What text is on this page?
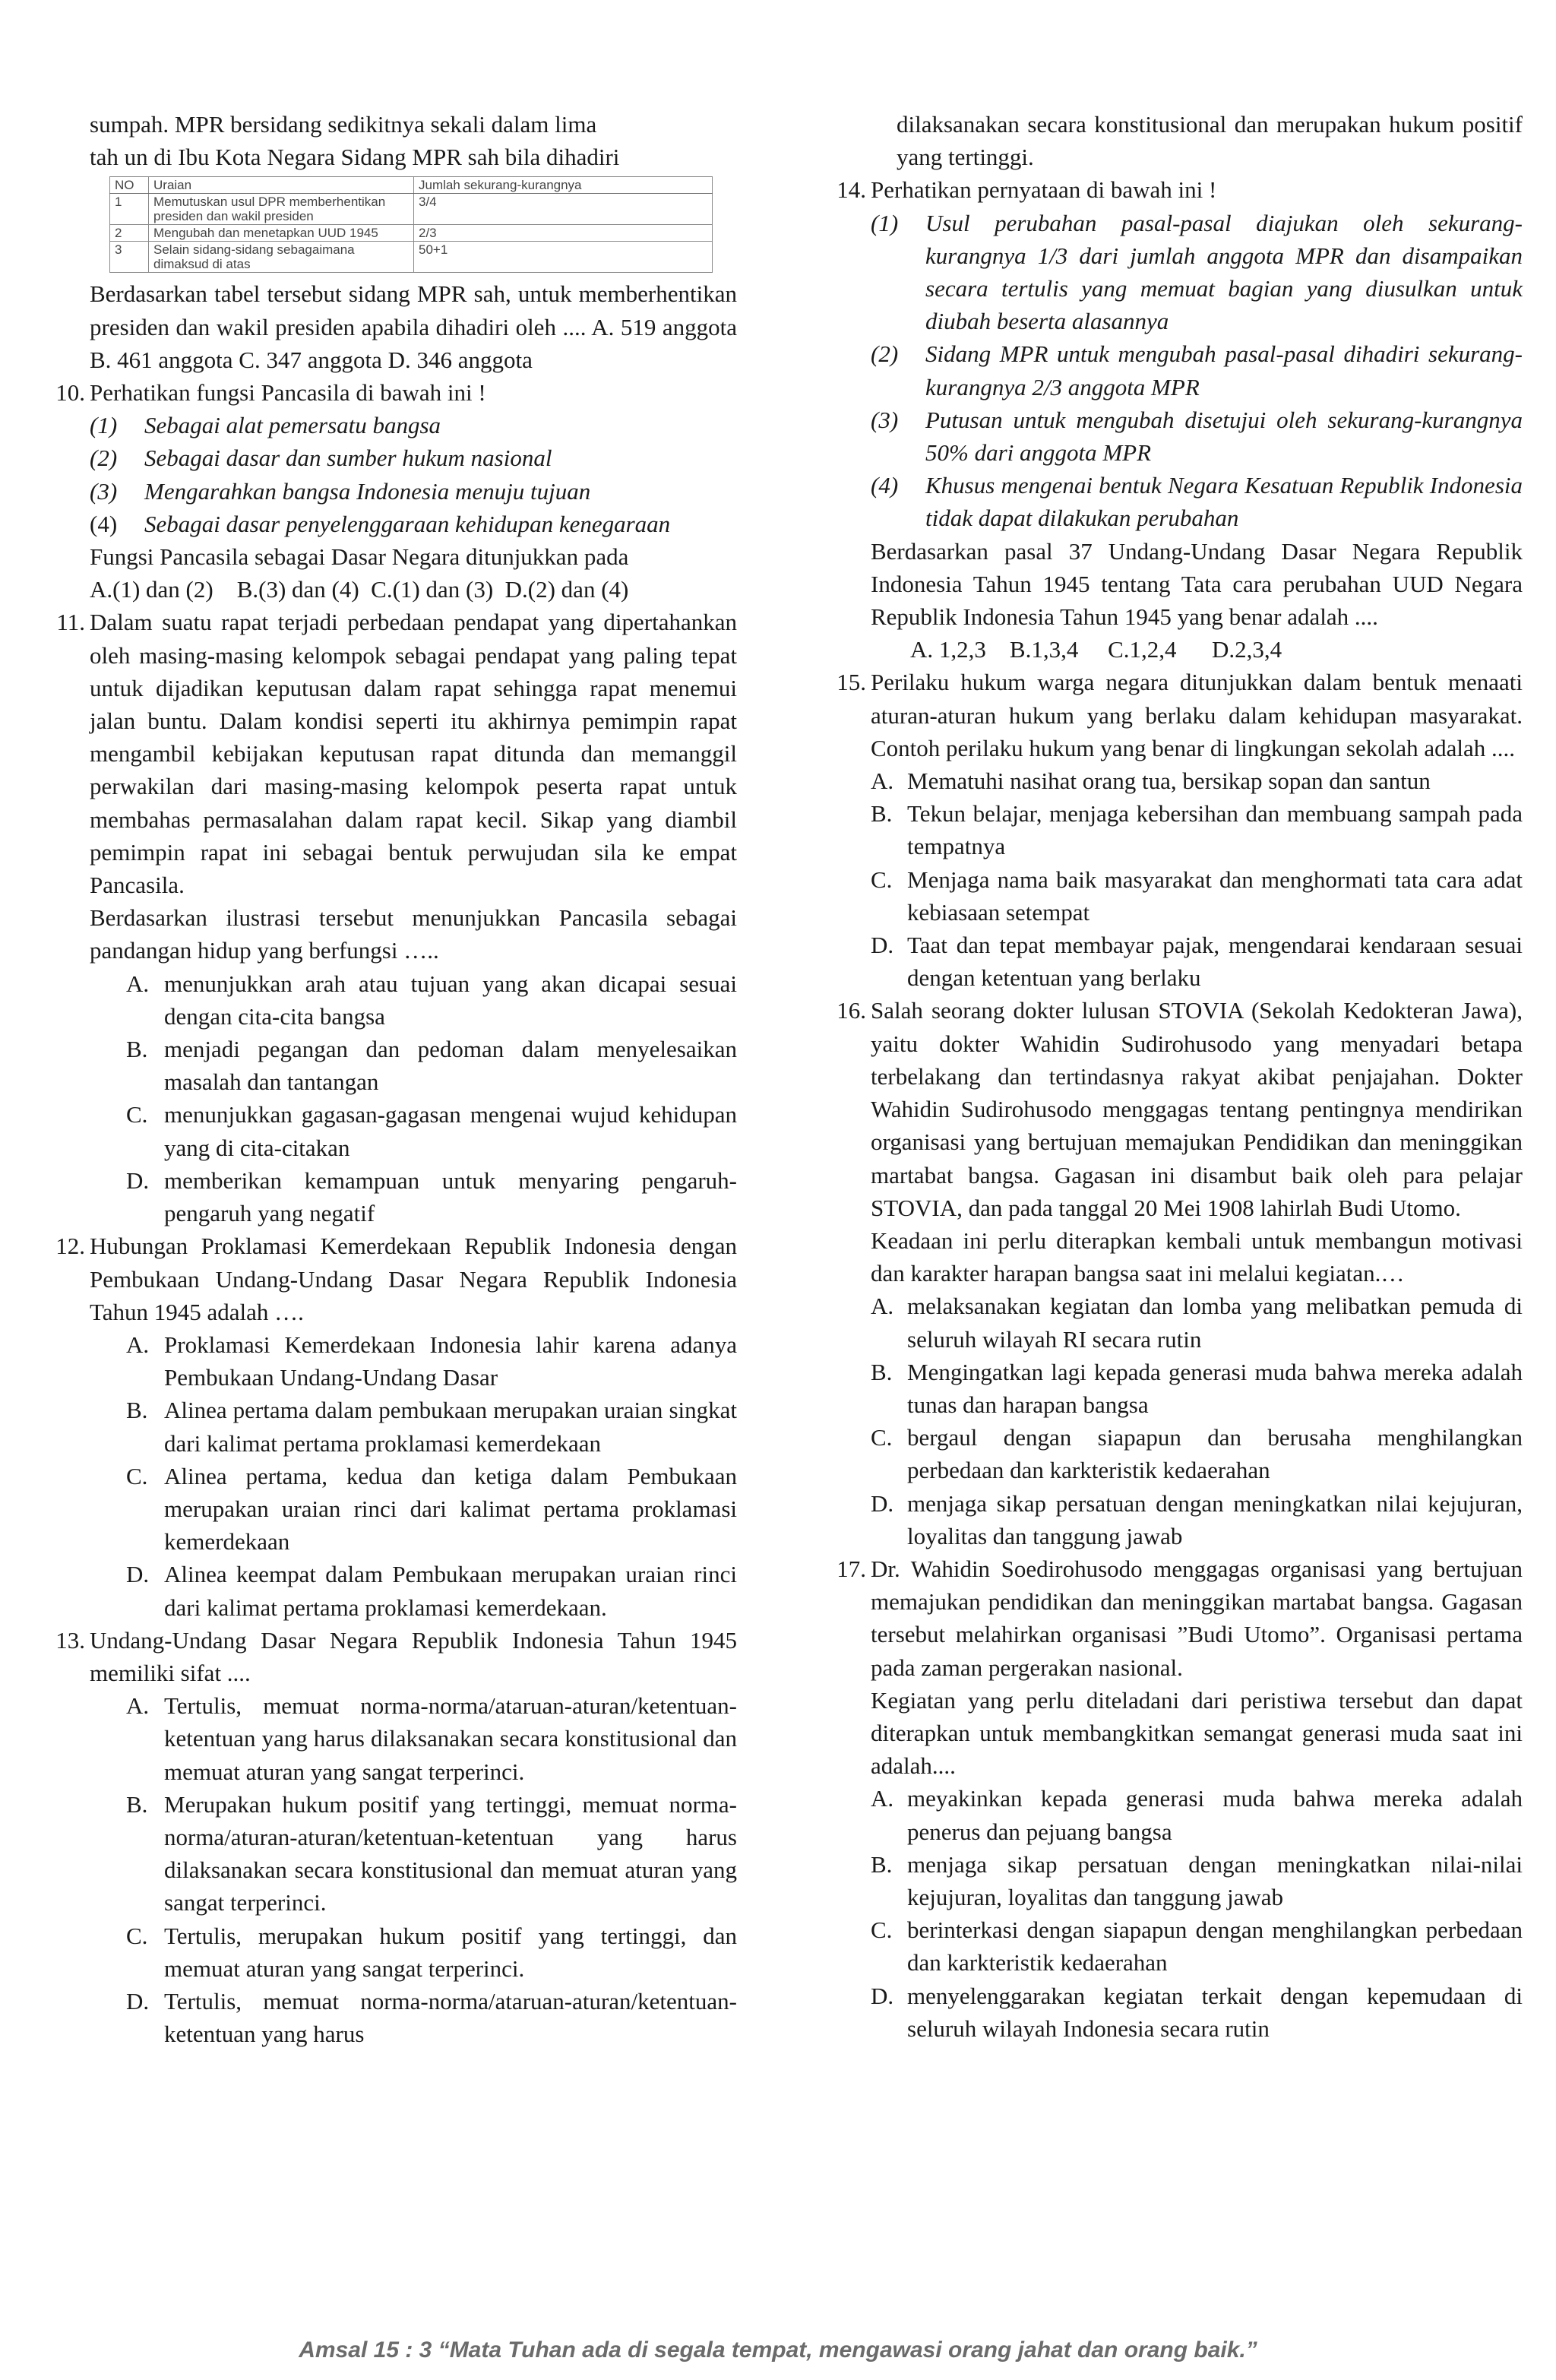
sumpah. MPR bersidang sedikitnya sekali dalam lima
tah un di Ibu Kota Negara Sidang MPR sah bila dihadiri
NO	Uraian	Jumlah sekurang-kurangnya
1	Memutuskan usul DPR memberhentikan presiden dan wakil presiden	3/4
2	Mengubah dan menetapkan UUD 1945	2/3
3	Selain sidang-sidang sebagaimana dimaksud di atas	50+1
Berdasarkan tabel tersebut sidang MPR sah, untuk memberhentikan presiden dan wakil presiden apabila dihadiri oleh .... A. 519 anggota B. 461 anggota C. 347 anggota D. 346 anggota
10. Perhatikan fungsi Pancasila di bawah ini !
(1) Sebagai alat pemersatu bangsa
(2) Sebagai dasar dan sumber hukum nasional
(3) Mengarahkan bangsa Indonesia menuju tujuan
(4) Sebagai dasar penyelenggaraan kehidupan kenegaraan
Fungsi Pancasila sebagai Dasar Negara ditunjukkan pada
A.(1) dan (2)    B.(3) dan (4)  C.(1) dan (3)  D.(2) dan (4)
11. Dalam suatu rapat terjadi perbedaan pendapat yang dipertahankan oleh masing-masing kelompok sebagai pendapat yang paling tepat untuk dijadikan keputusan dalam rapat sehingga rapat menemui jalan buntu. Dalam kondisi seperti itu akhirnya pemimpin rapat mengambil kebijakan keputusan rapat ditunda dan memanggil perwakilan dari masing-masing kelompok peserta rapat untuk membahas permasalahan dalam rapat kecil. Sikap yang diambil pemimpin rapat ini sebagai bentuk perwujudan sila ke empat Pancasila.
Berdasarkan ilustrasi tersebut menunjukkan Pancasila sebagai pandangan hidup yang berfungsi …..
A. menunjukkan arah atau tujuan yang akan dicapai sesuai dengan cita-cita bangsa
B. menjadi pegangan dan pedoman dalam menyelesaikan masalah dan tantangan
C. menunjukkan gagasan-gagasan mengenai wujud kehidupan yang di cita-citakan
D. memberikan kemampuan untuk menyaring pengaruh-pengaruh yang negatif
12. Hubungan Proklamasi Kemerdekaan Republik Indonesia dengan Pembukaan Undang-Undang Dasar Negara Republik Indonesia Tahun 1945 adalah ….
A. Proklamasi Kemerdekaan Indonesia lahir karena adanya Pembukaan Undang-Undang Dasar
B. Alinea pertama dalam pembukaan merupakan uraian singkat dari kalimat pertama proklamasi kemerdekaan
C. Alinea pertama, kedua dan ketiga dalam Pembukaan merupakan uraian rinci dari kalimat pertama proklamasi kemerdekaan
D. Alinea keempat dalam Pembukaan merupakan uraian rinci dari kalimat pertama proklamasi kemerdekaan.
13. Undang-Undang Dasar Negara Republik Indonesia Tahun 1945 memiliki sifat ....
A. Tertulis, memuat norma-norma/ataruan-aturan/ketentuan-ketentuan yang harus dilaksanakan secara konstitusional dan memuat aturan yang sangat terperinci.
B. Merupakan hukum positif yang tertinggi, memuat norma-norma/aturan-aturan/ketentuan-ketentuan yang harus dilaksanakan secara konstitusional dan memuat aturan yang sangat terperinci.
C. Tertulis, merupakan hukum positif yang tertinggi, dan memuat aturan yang sangat terperinci.
D. Tertulis, memuat norma-norma/ataruan-aturan/ketentuan-ketentuan yang harus
dilaksanakan secara konstitusional dan merupakan hukum positif yang tertinggi.
14. Perhatikan pernyataan di bawah ini !
(1) Usul perubahan pasal-pasal diajukan oleh sekurang-kurangnya 1/3 dari jumlah anggota MPR dan disampaikan secara tertulis yang memuat bagian yang diusulkan untuk diubah beserta alasannya
(2) Sidang MPR untuk mengubah pasal-pasal dihadiri sekurang-kurangnya 2/3 anggota MPR
(3) Putusan untuk mengubah disetujui oleh sekurang-kurangnya 50% dari anggota MPR
(4) Khusus mengenai bentuk Negara Kesatuan Republik Indonesia tidak dapat dilakukan perubahan
Berdasarkan pasal 37 Undang-Undang Dasar Negara Republik Indonesia Tahun 1945 tentang Tata cara perubahan UUD Negara Republik Indonesia Tahun 1945 yang benar adalah ....
A. 1,2,3    B.1,3,4     C.1,2,4      D.2,3,4
15. Perilaku hukum warga negara ditunjukkan dalam bentuk menaati aturan-aturan hukum yang berlaku dalam kehidupan masyarakat. Contoh perilaku hukum yang benar di lingkungan sekolah adalah ....
A. Mematuhi nasihat orang tua, bersikap sopan dan santun
B. Tekun belajar, menjaga kebersihan dan membuang sampah pada tempatnya
C. Menjaga nama baik masyarakat dan menghormati tata cara adat kebiasaan setempat
D. Taat dan tepat membayar pajak, mengendarai kendaraan sesuai dengan ketentuan yang berlaku
16. Salah seorang dokter lulusan STOVIA (Sekolah Kedokteran Jawa), yaitu dokter Wahidin Sudirohusodo yang menyadari betapa terbelakang dan tertindasnya rakyat akibat penjajahan. Dokter Wahidin Sudirohusodo menggagas tentang pentingnya mendirikan organisasi yang bertujuan memajukan Pendidikan dan meninggikan martabat bangsa. Gagasan ini disambut baik oleh para pelajar STOVIA, dan pada tanggal 20 Mei 1908 lahirlah Budi Utomo.
Keadaan ini perlu diterapkan kembali untuk membangun motivasi dan karakter harapan bangsa saat ini melalui kegiatan.…
A. melaksanakan kegiatan dan lomba yang melibatkan pemuda di seluruh wilayah RI secara rutin
B. Mengingatkan lagi kepada generasi muda bahwa mereka adalah tunas dan harapan bangsa
C. bergaul dengan siapapun dan berusaha menghilangkan perbedaan dan karkteristik kedaerahan
D. menjaga sikap persatuan dengan meningkatkan nilai kejujuran, loyalitas dan tanggung jawab
17. Dr. Wahidin Soedirohusodo menggagas organisasi yang bertujuan memajukan pendidikan dan meninggikan martabat bangsa. Gagasan tersebut melahirkan organisasi ”Budi Utomo”. Organisasi pertama pada zaman pergerakan nasional.
Kegiatan yang perlu diteladani dari peristiwa tersebut dan dapat diterapkan untuk membangkitkan semangat generasi muda saat ini adalah....
A. meyakinkan kepada generasi muda bahwa mereka adalah penerus dan pejuang bangsa
B. menjaga sikap persatuan dengan meningkatkan nilai-nilai kejujuran, loyalitas dan tanggung jawab
C. berinterkasi dengan siapapun dengan menghilangkan perbedaan dan karkteristik kedaerahan
D. menyelenggarakan kegiatan terkait dengan kepemudaan di seluruh wilayah Indonesia secara rutin
Amsal 15 : 3 “Mata Tuhan ada di segala tempat, mengawasi orang jahat dan orang baik.”
